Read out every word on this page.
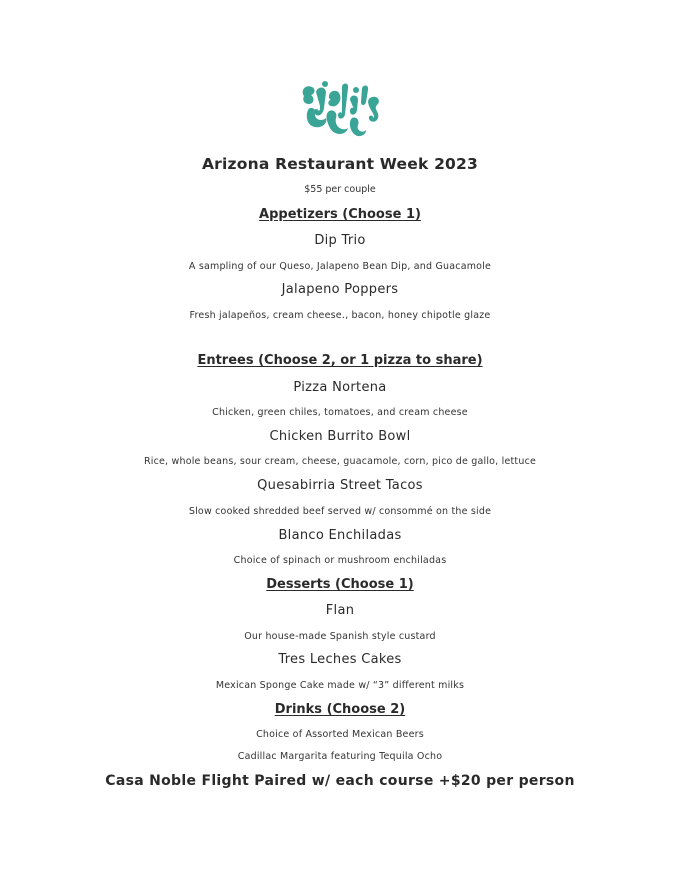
Arizona Restaurant Week 2023
$55 per couple
Appetizers (Choose 1)
Dip Trio
A sampling of our Queso, Jalapeno Bean Dip, and Guacamole
Jalapeno Poppers
Fresh jalapeños, cream cheese., bacon, honey chipotle glaze
Entrees (Choose 2, or 1 pizza to share)
Pizza Nortena
Chicken, green chiles, tomatoes, and cream cheese
Chicken Burrito Bowl
Rice, whole beans, sour cream, cheese, guacamole, corn, pico de gallo, lettuce
Quesabirria Street Tacos
Slow cooked shredded beef served w/ consommé on the side
Blanco Enchiladas
Choice of spinach or mushroom enchiladas
Desserts (Choose 1)
Flan
Our house-made Spanish style custard
Tres Leches Cakes
Mexican Sponge Cake made w/ “3” different milks
Drinks (Choose 2)
Choice of Assorted Mexican Beers
Cadillac Margarita featuring Tequila Ocho
Casa Noble Flight Paired w/ each course +$20 per person
